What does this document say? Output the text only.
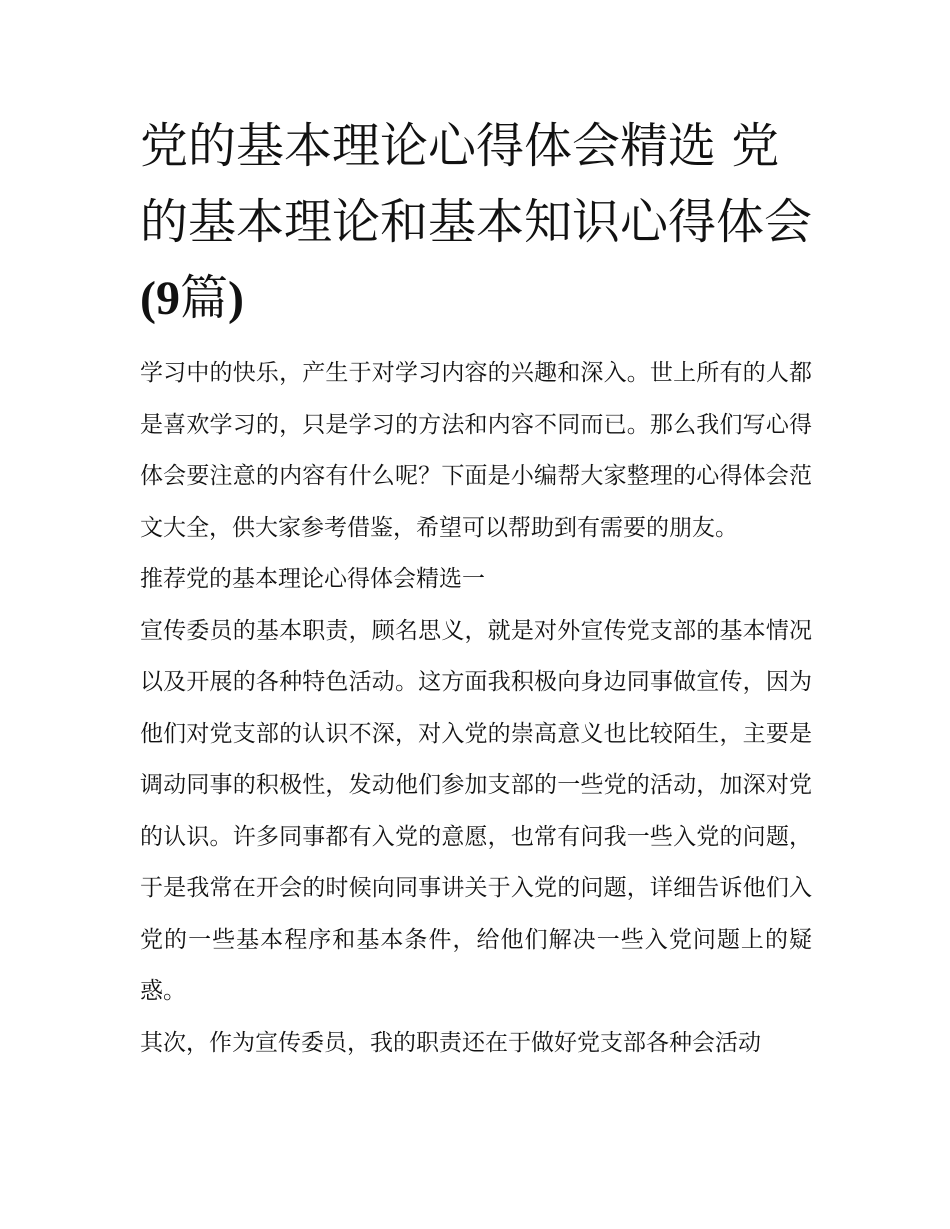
党的基本理论心得体会精选 党的基本理论和基本知识心得体会(9篇)

学习中的快乐，产生于对学习内容的兴趣和深入。世上所有的人都是喜欢学习的，只是学习的方法和内容不同而已。那么我们写心得体会要注意的内容有什么呢？下面是小编帮大家整理的心得体会范文大全，供大家参考借鉴，希望可以帮助到有需要的朋友。

推荐党的基本理论心得体会精选一

宣传委员的基本职责，顾名思义，就是对外宣传党支部的基本情况以及开展的各种特色活动。这方面我积极向身边同事做宣传，因为他们对党支部的认识不深，对入党的崇高意义也比较陌生，主要是调动同事的积极性，发动他们参加支部的一些党的活动，加深对党的认识。许多同事都有入党的意愿，也常有问我一些入党的问题，于是我常在开会的时候向同事讲关于入党的问题，详细告诉他们入党的一些基本程序和基本条件，给他们解决一些入党问题上的疑惑。

其次，作为宣传委员，我的职责还在于做好党支部各种会活动
